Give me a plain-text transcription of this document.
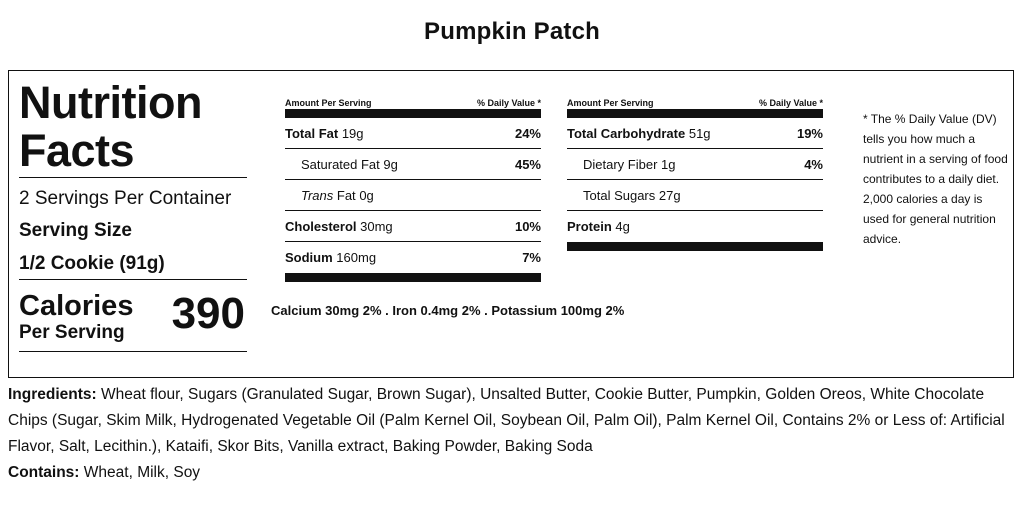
Pumpkin Patch
Nutrition
Facts
2 Servings Per Container
Serving Size
1/2 Cookie (91g)
Calories
Per Serving 390
Amount Per Serving	% Daily Value *
Total Fat 19g	24%
Saturated Fat 9g	45%
Trans Fat 0g
Cholesterol 30mg	10%
Sodium 160mg	7%
Amount Per Serving	% Daily Value *
Total Carbohydrate 51g	19%
Dietary Fiber 1g	4%
Total Sugars 27g
Protein 4g
Calcium 30mg 2% . Iron 0.4mg 2% . Potassium 100mg 2%
* The % Daily Value (DV) tells you how much a nutrient in a serving of food contributes to a daily diet. 2,000 calories a day is used for general nutrition advice.
Ingredients: Wheat flour, Sugars (Granulated Sugar, Brown Sugar), Unsalted Butter, Cookie Butter, Pumpkin, Golden Oreos, White Chocolate Chips (Sugar, Skim Milk, Hydrogenated Vegetable Oil (Palm Kernel Oil, Soybean Oil, Palm Oil), Palm Kernel Oil, Contains 2% or Less of: Artificial Flavor, Salt, Lecithin.), Kataifi, Skor Bits, Vanilla extract, Baking Powder, Baking Soda
Contains: Wheat, Milk, Soy
